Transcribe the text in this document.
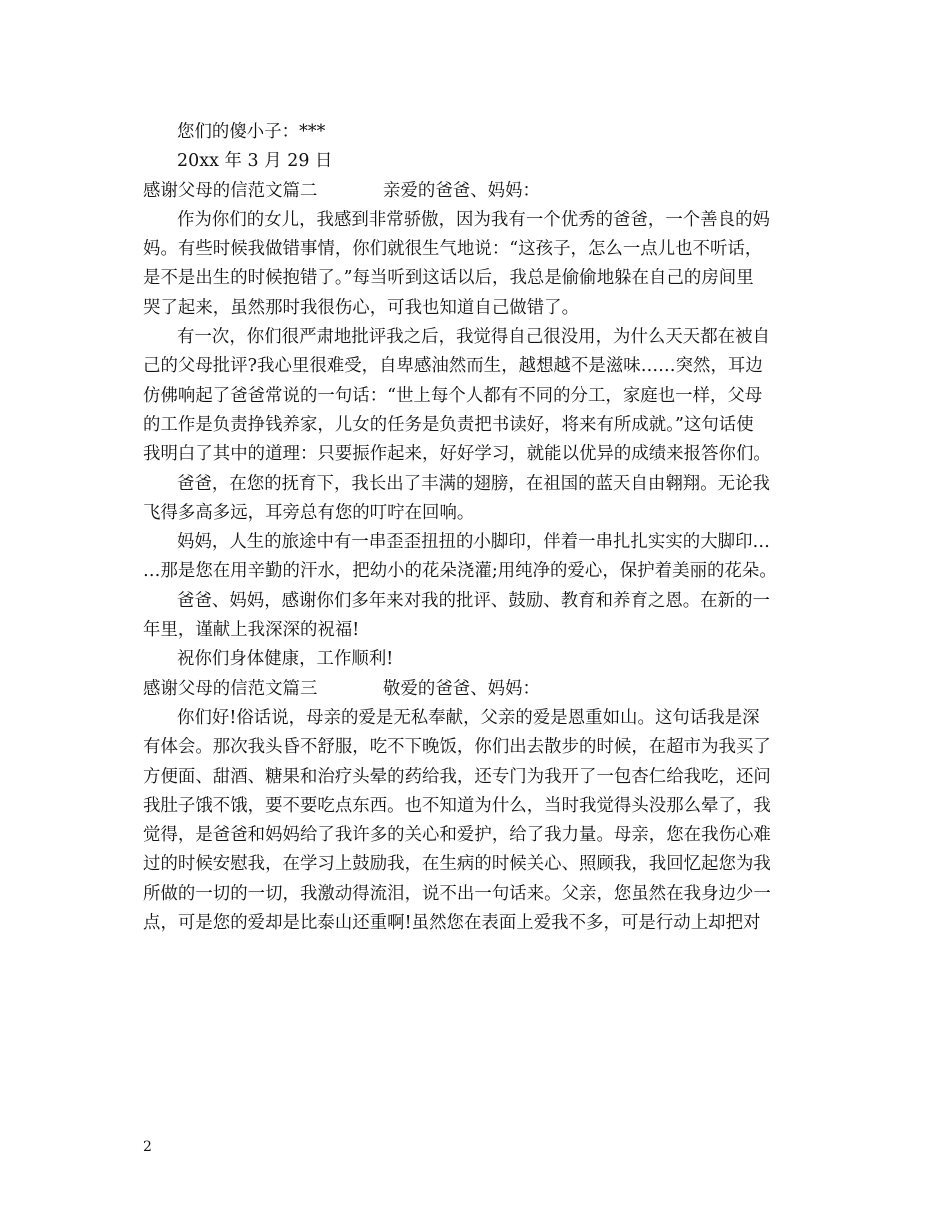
您们的傻小子：***
20xx 年 3 月 29 日
感谢父母的信范文篇二	亲爱的爸爸、妈妈：
作为你们的女儿，我感到非常骄傲，因为我有一个优秀的爸爸，一个善良的妈
妈。有些时候我做错事情，你们就很生气地说：“这孩子，怎么一点儿也不听话，
是不是出生的时候抱错了。”每当听到这话以后，我总是偷偷地躲在自己的房间里
哭了起来，虽然那时我很伤心，可我也知道自己做错了。
有一次，你们很严肃地批评我之后，我觉得自己很没用，为什么天天都在被自
己的父母批评?我心里很难受，自卑感油然而生，越想越不是滋味……突然，耳边
仿佛响起了爸爸常说的一句话：“世上每个人都有不同的分工，家庭也一样，父母
的工作是负责挣钱养家，儿女的任务是负责把书读好，将来有所成就。”这句话使
我明白了其中的道理：只要振作起来，好好学习，就能以优异的成绩来报答你们。
爸爸，在您的抚育下，我长出了丰满的翅膀，在祖国的蓝天自由翱翔。无论我
飞得多高多远，耳旁总有您的叮咛在回响。
妈妈，人生的旅途中有一串歪歪扭扭的小脚印，伴着一串扎扎实实的大脚印…
…那是您在用辛勤的汗水，把幼小的花朵浇灌;用纯净的爱心，保护着美丽的花朵。
爸爸、妈妈，感谢你们多年来对我的批评、鼓励、教育和养育之恩。在新的一
年里，谨献上我深深的祝福!
祝你们身体健康，工作顺利!
感谢父母的信范文篇三	敬爱的爸爸、妈妈：
你们好!俗话说，母亲的爱是无私奉献，父亲的爱是恩重如山。这句话我是深
有体会。那次我头昏不舒服，吃不下晚饭，你们出去散步的时候，在超市为我买了
方便面、甜酒、糖果和治疗头晕的药给我，还专门为我开了一包杏仁给我吃，还问
我肚子饿不饿，要不要吃点东西。也不知道为什么，当时我觉得头没那么晕了，我
觉得，是爸爸和妈妈给了我许多的关心和爱护，给了我力量。母亲，您在我伤心难
过的时候安慰我，在学习上鼓励我，在生病的时候关心、照顾我，我回忆起您为我
所做的一切的一切，我激动得流泪，说不出一句话来。父亲，您虽然在我身边少一
点，可是您的爱却是比泰山还重啊!虽然您在表面上爱我不多，可是行动上却把对
2
